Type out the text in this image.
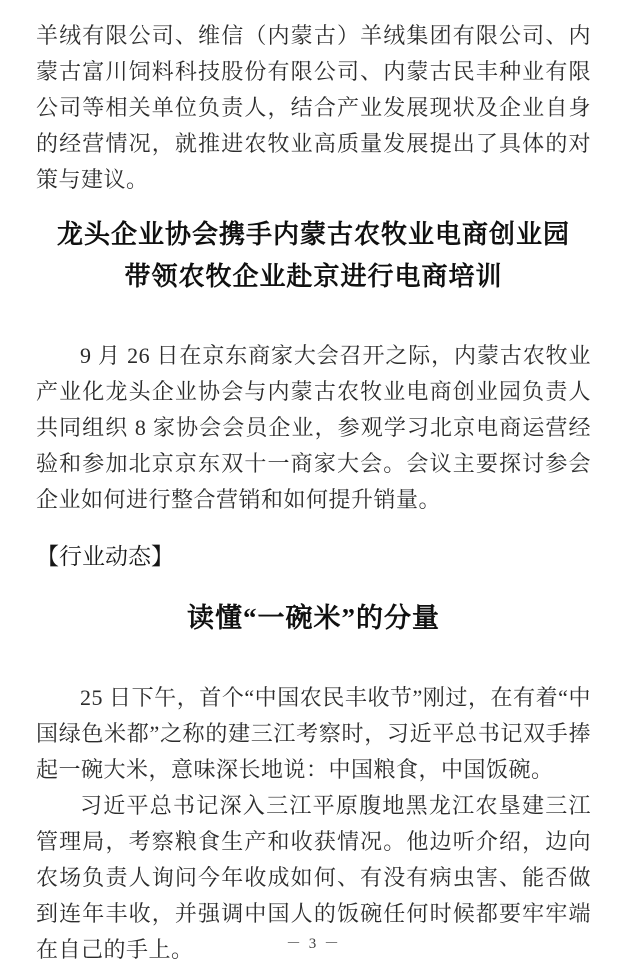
羊绒有限公司、维信（内蒙古）羊绒集团有限公司、内蒙古富川饲料科技股份有限公司、内蒙古民丰种业有限公司等相关单位负责人，结合产业发展现状及企业自身的经营情况，就推进农牧业高质量发展提出了具体的对策与建议。

龙头企业协会携手内蒙古农牧业电商创业园
带领农牧企业赴京进行电商培训

9 月 26 日在京东商家大会召开之际，内蒙古农牧业产业化龙头企业协会与内蒙古农牧业电商创业园负责人共同组织 8 家协会会员企业，参观学习北京电商运营经验和参加北京京东双十一商家大会。会议主要探讨参会企业如何进行整合营销和如何提升销量。

【行业动态】
读懂“一碗米”的分量

25 日下午，首个“中国农民丰收节”刚过，在有着“中国绿色米都”之称的建三江考察时，习近平总书记双手捧起一碗大米，意味深长地说：中国粮食，中国饭碗。

习近平总书记深入三江平原腹地黑龙江农垦建三江管理局，考察粮食生产和收获情况。他边听介绍，边向农场负责人询问今年收成如何、有没有病虫害、能否做到连年丰收，并强调中国人的饭碗任何时候都要牢牢端在自己的手上。	－ 3 －
